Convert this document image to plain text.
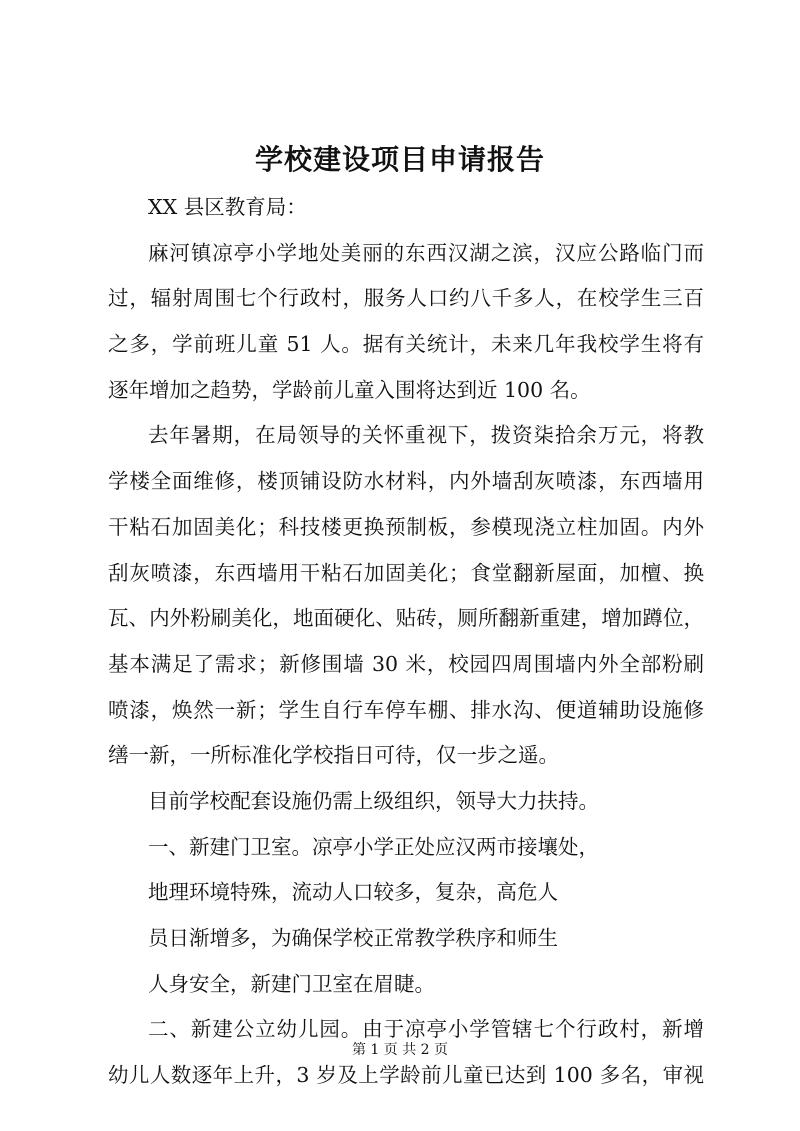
学校建设项目申请报告
XX 县区教育局：
麻河镇凉亭小学地处美丽的东西汉湖之滨，汉应公路临门而
过，辐射周围七个行政村，服务人口约八千多人，在校学生三百
之多，学前班儿童 51 人。据有关统计，未来几年我校学生将有
逐年增加之趋势，学龄前儿童入围将达到近 100 名。
去年暑期，在局领导的关怀重视下，拨资柒拾余万元，将教
学楼全面维修，楼顶铺设防水材料，内外墙刮灰喷漆，东西墙用
干粘石加固美化；科技楼更换预制板，参模现浇立柱加固。内外
刮灰喷漆，东西墙用干粘石加固美化；食堂翻新屋面，加檀、换
瓦、内外粉刷美化，地面硬化、贴砖，厕所翻新重建，增加蹲位，
基本满足了需求；新修围墙 30 米，校园四周围墙内外全部粉刷
喷漆，焕然一新；学生自行车停车棚、排水沟、便道辅助设施修
缮一新，一所标准化学校指日可待，仅一步之遥。
目前学校配套设施仍需上级组织，领导大力扶持。
一、新建门卫室。凉亭小学正处应汉两市接壤处，
地理环境特殊，流动人口较多，复杂，高危人
员日渐增多，为确保学校正常教学秩序和师生
人身安全，新建门卫室在眉睫。
二、新建公立幼儿园。由于凉亭小学管辖七个行政村，新增
幼儿人数逐年上升，3 岁及上学龄前儿童已达到 100 多名，审视
第 1 页 共 2 页
